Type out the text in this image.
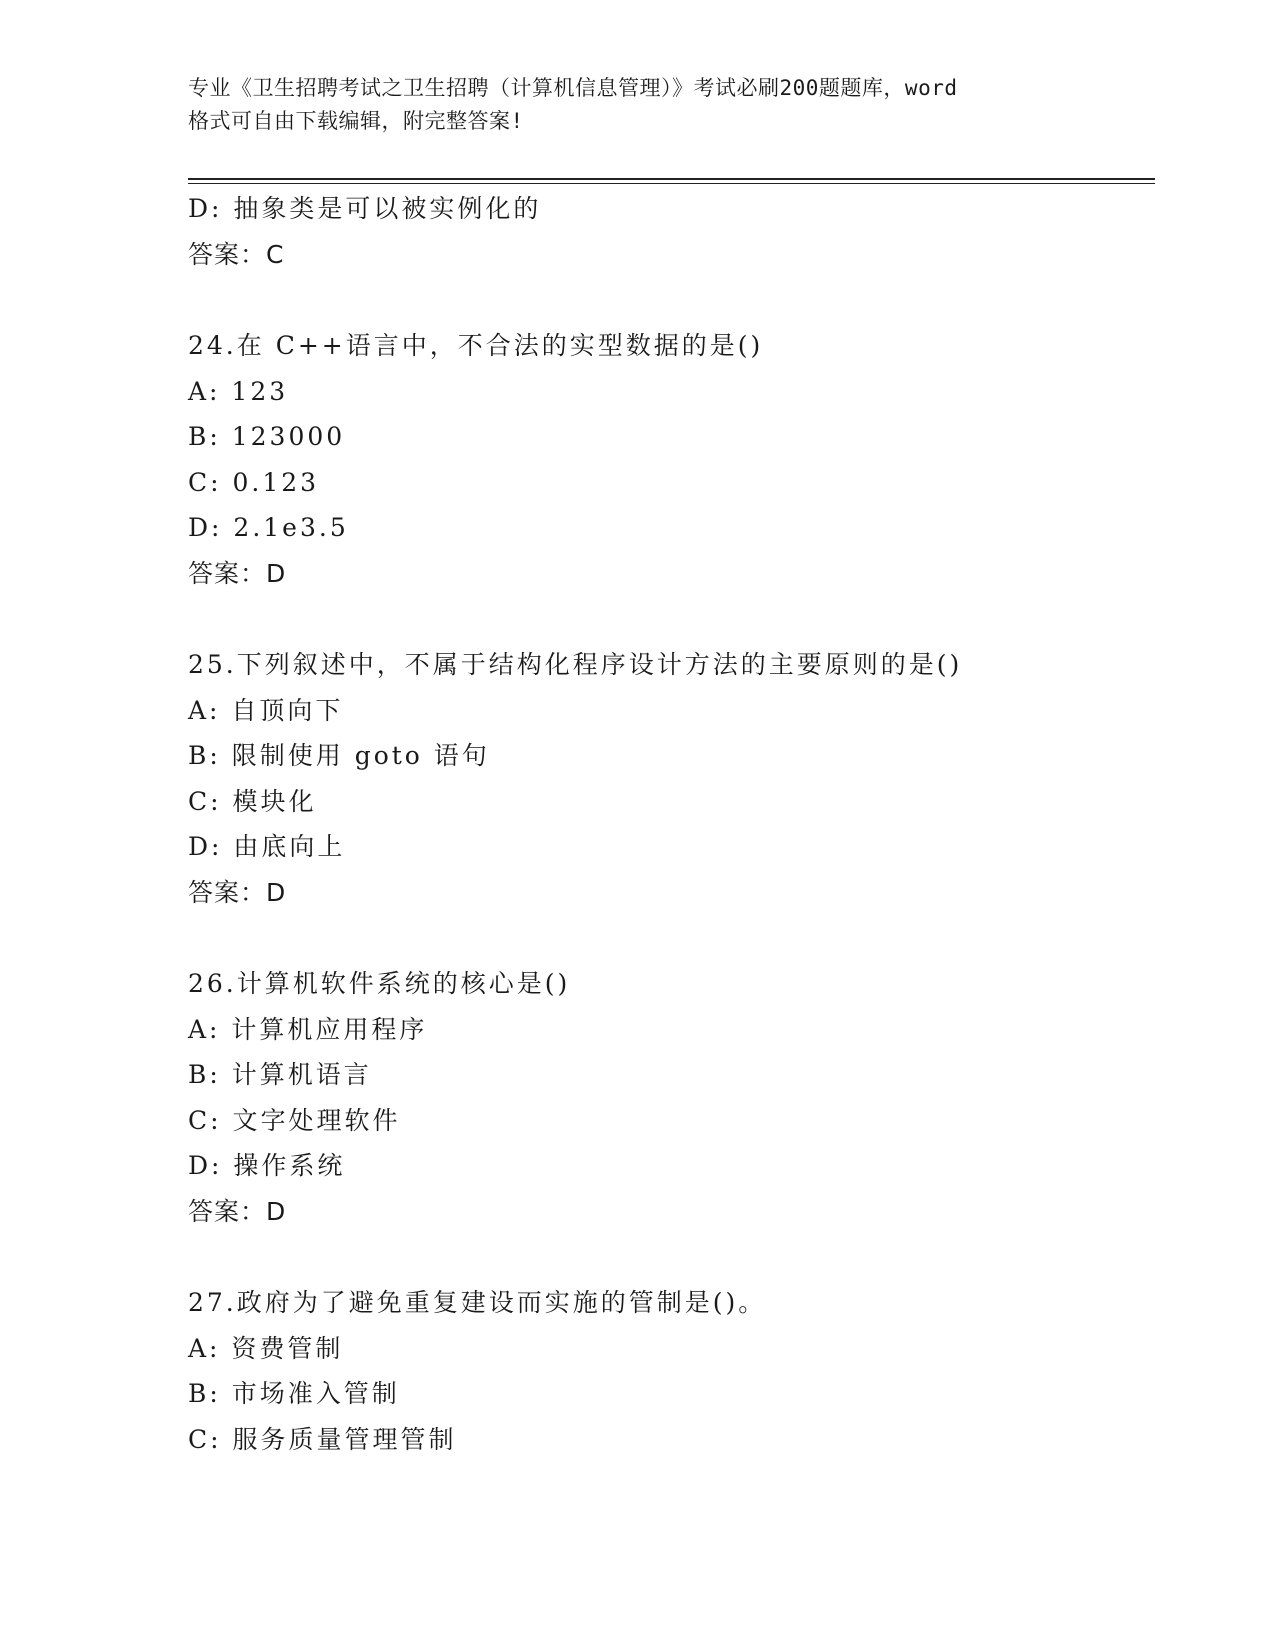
专业《卫生招聘考试之卫生招聘（计算机信息管理）》考试必刷200题题库，word
格式可自由下载编辑，附完整答案!
D: 抽象类是可以被实例化的
答案：C
24.在 C++语言中，不合法的实型数据的是()
A: 123
B: 123000
C: 0.123
D: 2.1e3.5
答案：D
25.下列叙述中，不属于结构化程序设计方法的主要原则的是()
A: 自顶向下
B: 限制使用 goto 语句
C: 模块化
D: 由底向上
答案：D
26.计算机软件系统的核心是()
A: 计算机应用程序
B: 计算机语言
C: 文字处理软件
D: 操作系统
答案：D
27.政府为了避免重复建设而实施的管制是()。
A: 资费管制
B: 市场准入管制
C: 服务质量管理管制
